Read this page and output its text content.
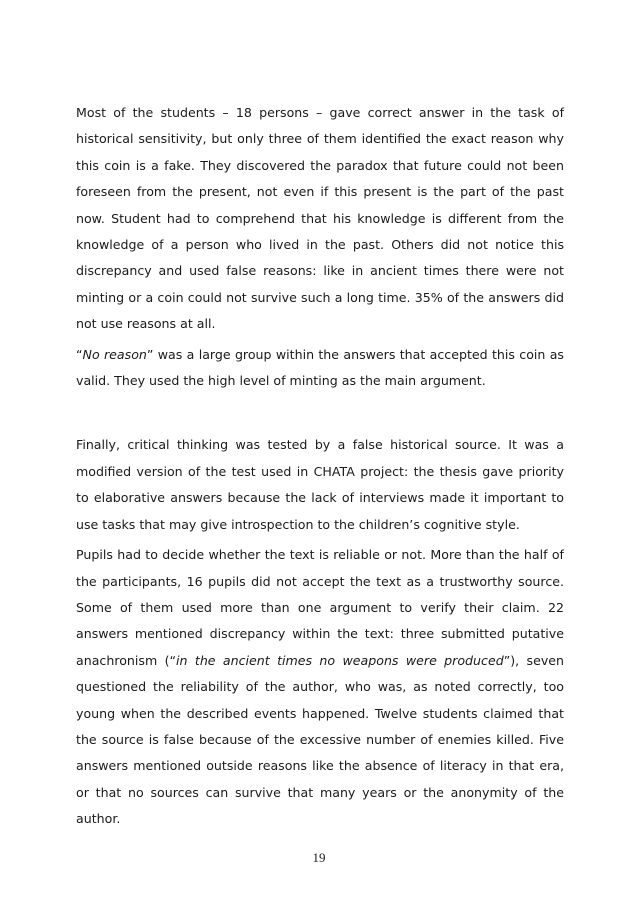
Most of the students – 18 persons – gave correct answer in the task of historical sensitivity, but only three of them identified the exact reason why this coin is a fake. They discovered the paradox that future could not been foreseen from the present, not even if this present is the part of the past now. Student had to comprehend that his knowledge is different from the knowledge of a person who lived in the past. Others did not notice this discrepancy and used false reasons: like in ancient times there were not minting or a coin could not survive such a long time. 35% of the answers did not use reasons at all.

“No reason” was a large group within the answers that accepted this coin as valid. They used the high level of minting as the main argument.

Finally, critical thinking was tested by a false historical source. It was a modified version of the test used in CHATA project: the thesis gave priority to elaborative answers because the lack of interviews made it important to use tasks that may give introspection to the children’s cognitive style.

Pupils had to decide whether the text is reliable or not. More than the half of the participants, 16 pupils did not accept the text as a trustworthy source. Some of them used more than one argument to verify their claim. 22 answers mentioned discrepancy within the text: three submitted putative anachronism (“in the ancient times no weapons were produced”), seven questioned the reliability of the author, who was, as noted correctly, too young when the described events happened. Twelve students claimed that the source is false because of the excessive number of enemies killed. Five answers mentioned outside reasons like the absence of literacy in that era, or that no sources can survive that many years or the anonymity of the author.

19
